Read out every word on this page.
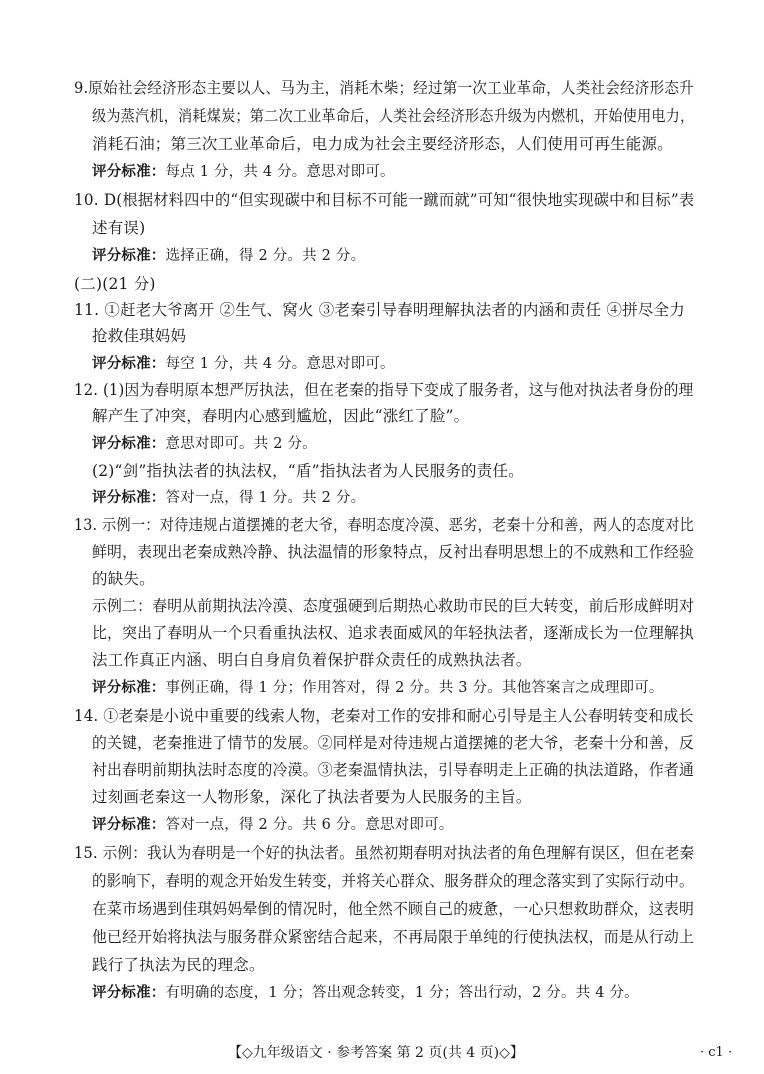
9.原始社会经济形态主要以人、马为主，消耗木柴；经过第一次工业革命，人类社会经济形态升
级为蒸汽机，消耗煤炭；第二次工业革命后，人类社会经济形态升级为内燃机，开始使用电力，
消耗石油；第三次工业革命后，电力成为社会主要经济形态，人们使用可再生能源。
评分标准：每点 1 分，共 4 分。意思对即可。
10. D(根据材料四中的“但实现碳中和目标不可能一蹴而就”可知“很快地实现碳中和目标”表
述有误)
评分标准：选择正确，得 2 分。共 2 分。
(二)(21 分)
11. ①赶老大爷离开 ②生气、窝火 ③老秦引导春明理解执法者的内涵和责任 ④拼尽全力
抢救佳琪妈妈
评分标准：每空 1 分，共 4 分。意思对即可。
12. (1)因为春明原本想严厉执法，但在老秦的指导下变成了服务者，这与他对执法者身份的理
解产生了冲突，春明内心感到尴尬，因此“涨红了脸”。
评分标准：意思对即可。共 2 分。
(2)“剑”指执法者的执法权，“盾”指执法者为人民服务的责任。
评分标准：答对一点，得 1 分。共 2 分。
13. 示例一：对待违规占道摆摊的老大爷，春明态度冷漠、恶劣，老秦十分和善，两人的态度对比
鲜明，表现出老秦成熟冷静、执法温情的形象特点，反衬出春明思想上的不成熟和工作经验
的缺失。
示例二：春明从前期执法冷漠、态度强硬到后期热心救助市民的巨大转变，前后形成鲜明对
比，突出了春明从一个只看重执法权、追求表面威风的年轻执法者，逐渐成长为一位理解执
法工作真正内涵、明白自身肩负着保护群众责任的成熟执法者。
评分标准：事例正确，得 1 分；作用答对，得 2 分。共 3 分。其他答案言之成理即可。
14. ①老秦是小说中重要的线索人物，老秦对工作的安排和耐心引导是主人公春明转变和成长
的关键，老秦推进了情节的发展。②同样是对待违规占道摆摊的老大爷，老秦十分和善，反
衬出春明前期执法时态度的冷漠。③老秦温情执法，引导春明走上正确的执法道路，作者通
过刻画老秦这一人物形象，深化了执法者要为人民服务的主旨。
评分标准：答对一点，得 2 分。共 6 分。意思对即可。
15. 示例：我认为春明是一个好的执法者。虽然初期春明对执法者的角色理解有误区，但在老秦
的影响下，春明的观念开始发生转变，并将关心群众、服务群众的理念落实到了实际行动中。
在菜市场遇到佳琪妈妈晕倒的情况时，他全然不顾自己的疲惫，一心只想救助群众，这表明
他已经开始将执法与服务群众紧密结合起来，不再局限于单纯的行使执法权，而是从行动上
践行了执法为民的理念。
评分标准：有明确的态度，1 分；答出观念转变，1 分；答出行动，2 分。共 4 分。
【◇九年级语文 · 参考答案 第 2 页(共 4 页)◇】	· c1 ·
